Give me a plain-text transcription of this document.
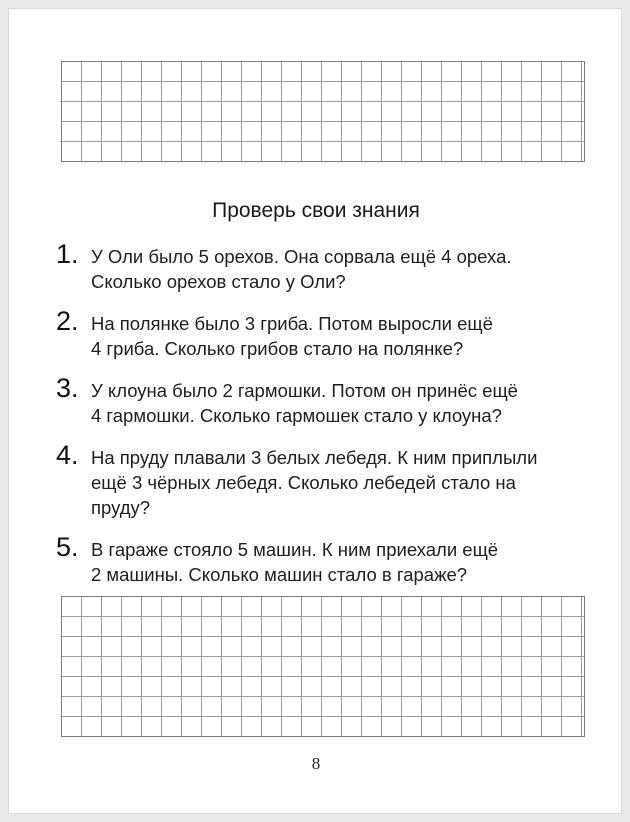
Проверь свои знания
1. У Оли было 5 орехов. Она сорвала ещё 4 ореха.
Сколько орехов стало у Оли?
2. На полянке было 3 гриба. Потом выросли ещё
4 гриба. Сколько грибов стало на полянке?
3. У клоуна было 2 гармошки. Потом он принёс ещё
4 гармошки. Сколько гармошек стало у клоуна?
4. На пруду плавали 3 белых лебедя. К ним приплыли
ещё 3 чёрных лебедя. Сколько лебедей стало на
пруду?
5. В гараже стояло 5 машин. К ним приехали ещё
2 машины. Сколько машин стало в гараже?
8
